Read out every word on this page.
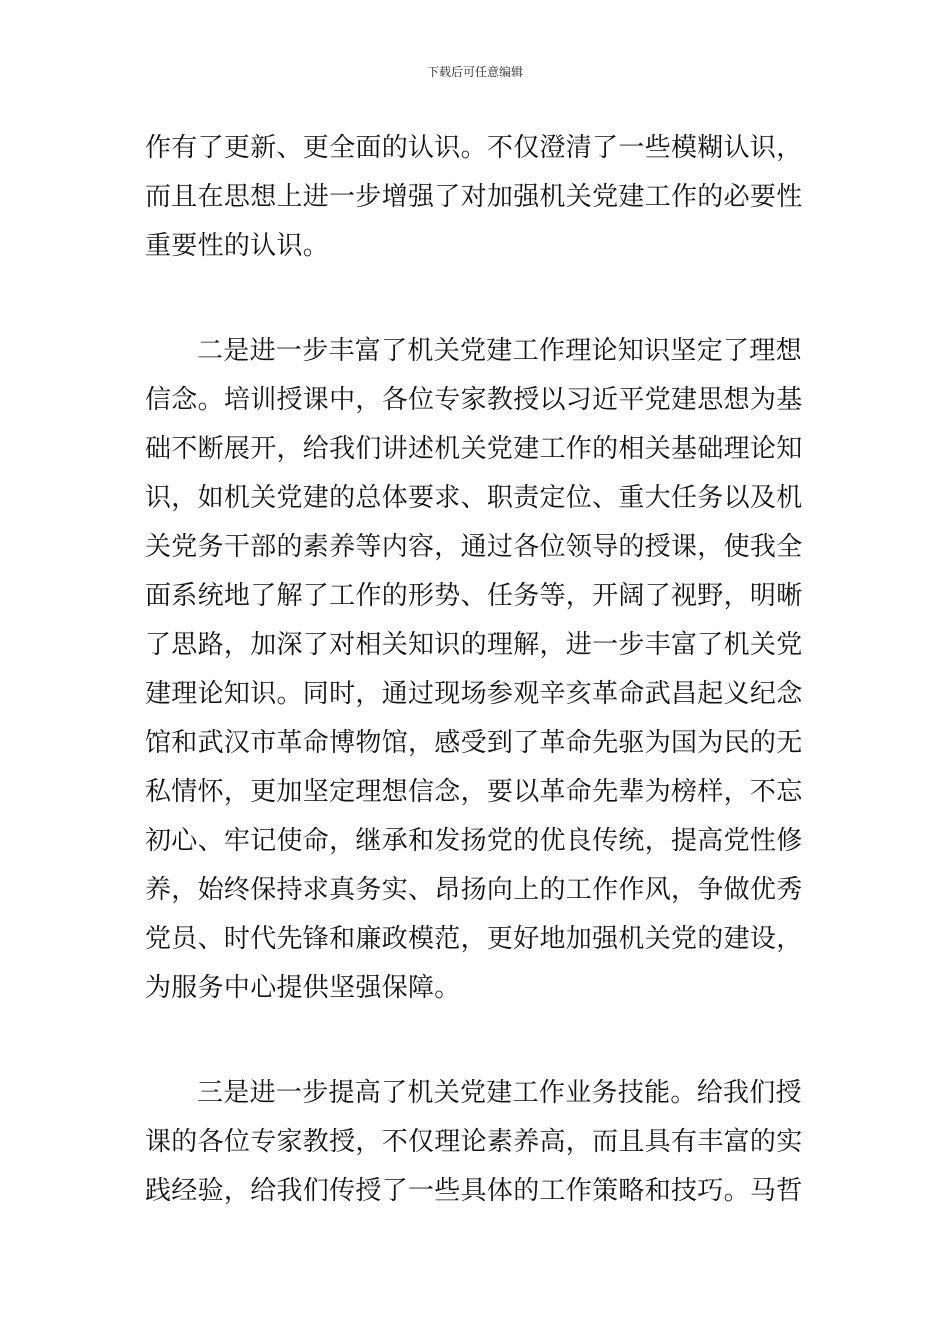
下载后可任意编辑
作有了更新、更全面的认识。不仅澄清了一些模糊认识，
而且在思想上进一步增强了对加强机关党建工作的必要性
重要性的认识。
二是进一步丰富了机关党建工作理论知识坚定了理想
信念。培训授课中，各位专家教授以习近平党建思想为基
础不断展开，给我们讲述机关党建工作的相关基础理论知
识，如机关党建的总体要求、职责定位、重大任务以及机
关党务干部的素养等内容，通过各位领导的授课，使我全
面系统地了解了工作的形势、任务等，开阔了视野，明晰
了思路，加深了对相关知识的理解，进一步丰富了机关党
建理论知识。同时，通过现场参观辛亥革命武昌起义纪念
馆和武汉市革命博物馆，感受到了革命先驱为国为民的无
私情怀，更加坚定理想信念，要以革命先辈为榜样，不忘
初心、牢记使命，继承和发扬党的优良传统，提高党性修
养，始终保持求真务实、昂扬向上的工作作风，争做优秀
党员、时代先锋和廉政模范，更好地加强机关党的建设，
为服务中心提供坚强保障。
三是进一步提高了机关党建工作业务技能。给我们授
课的各位专家教授，不仅理论素养高，而且具有丰富的实
践经验，给我们传授了一些具体的工作策略和技巧。马哲
